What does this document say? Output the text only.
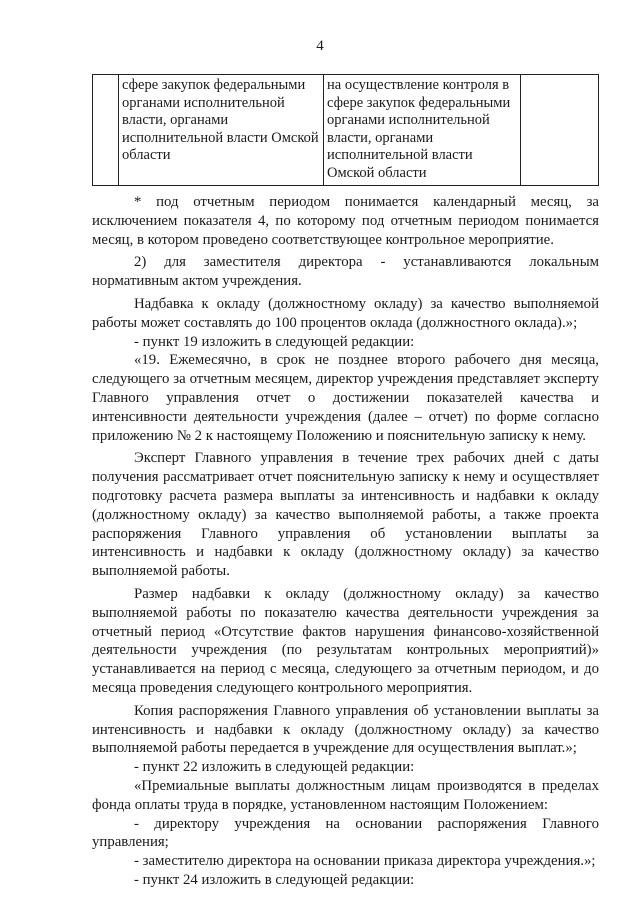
4
	сфере закупок федеральными органами исполнительной власти, органами исполнительной власти Омской области	на осуществление контроля в сфере закупок федеральными органами исполнительной власти, органами исполнительной власти Омской области	

* под отчетным периодом понимается календарный месяц, за исключением показателя 4, по которому под отчетным периодом понимается месяц, в котором проведено соответствующее контрольное мероприятие.

2) для заместителя директора - устанавливаются локальным нормативным актом учреждения.

Надбавка к окладу (должностному окладу) за качество выполняемой работы может составлять до 100 процентов оклада (должностного оклада).»;

- пункт 19 изложить в следующей редакции:

«19. Ежемесячно, в срок не позднее второго рабочего дня месяца, следующего за отчетным месяцем, директор учреждения представляет эксперту Главного управления отчет о достижении показателей качества и интенсивности деятельности учреждения (далее – отчет) по форме согласно приложению № 2 к настоящему Положению и пояснительную записку к нему.

Эксперт Главного управления в течение трех рабочих дней с даты получения рассматривает отчет пояснительную записку к нему и осуществляет подготовку расчета размера выплаты за интенсивность и надбавки к окладу (должностному окладу) за качество выполняемой работы, а также проекта распоряжения Главного управления об установлении выплаты за интенсивность и надбавки к окладу (должностному окладу) за качество выполняемой работы.

Размер надбавки к окладу (должностному окладу) за качество выполняемой работы по показателю качества деятельности учреждения за отчетный период «Отсутствие фактов нарушения финансово-хозяйственной деятельности учреждения (по результатам контрольных мероприятий)» устанавливается на период с месяца, следующего за отчетным периодом, и до месяца проведения следующего контрольного мероприятия.

Копия распоряжения Главного управления об установлении выплаты за интенсивность и надбавки к окладу (должностному окладу) за качество выполняемой работы передается в учреждение для осуществления выплат.»;

- пункт 22 изложить в следующей редакции:

«Премиальные выплаты должностным лицам производятся в пределах фонда оплаты труда в порядке, установленном настоящим Положением:

- директору учреждения на основании распоряжения Главного управления;

- заместителю директора на основании приказа директора учреждения.»;

- пункт 24 изложить в следующей редакции:
